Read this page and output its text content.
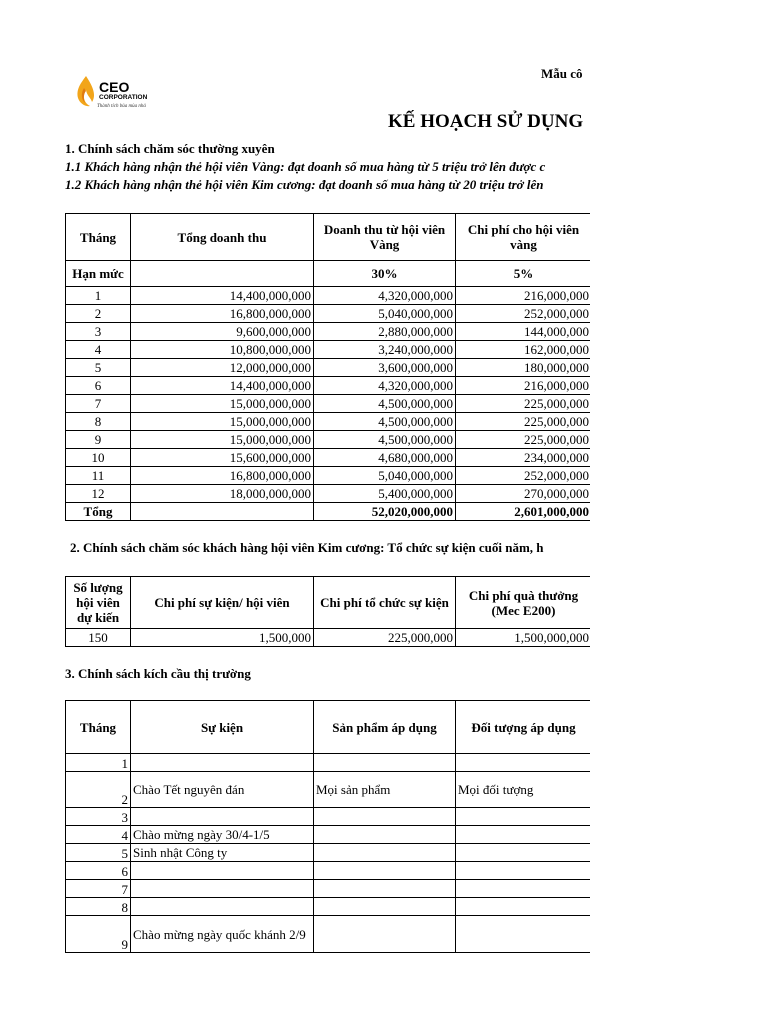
CEO
CORPORATION
Thành tích bủa mùa nhả
Mẫu cô
KẾ HOẠCH SỬ DỤNG
1. Chính sách chăm sóc thường xuyên
1.1 Khách hàng nhận thẻ hội viên Vàng: đạt doanh số mua hàng từ 5 triệu trở lên được c
1.2 Khách hàng nhận thẻ hội viên Kim cương: đạt doanh số mua hàng từ 20 triệu trở lên
Tháng	Tổng doanh thu	Doanh thu từ hội viên Vàng	Chi phí cho hội viên vàng
Hạn mức		30%	5%
1	14,400,000,000	4,320,000,000	216,000,000
2	16,800,000,000	5,040,000,000	252,000,000
3	9,600,000,000	2,880,000,000	144,000,000
4	10,800,000,000	3,240,000,000	162,000,000
5	12,000,000,000	3,600,000,000	180,000,000
6	14,400,000,000	4,320,000,000	216,000,000
7	15,000,000,000	4,500,000,000	225,000,000
8	15,000,000,000	4,500,000,000	225,000,000
9	15,000,000,000	4,500,000,000	225,000,000
10	15,600,000,000	4,680,000,000	234,000,000
11	16,800,000,000	5,040,000,000	252,000,000
12	18,000,000,000	5,400,000,000	270,000,000
Tổng		52,020,000,000	2,601,000,000
2. Chính sách chăm sóc khách hàng hội viên Kim cương: Tổ chức sự kiện cuối năm, h
Số lượng hội viên dự kiến	Chi phí sự kiện/ hội viên	Chi phí tổ chức sự kiện	Chi phí quà thưởng (Mec E200)
150	1,500,000	225,000,000	1,500,000,000
3. Chính sách kích cầu thị trường
Tháng	Sự kiện	Sản phẩm áp dụng	Đối tượng áp dụng
1			
2	Chào Tết nguyên đán	Mọi sản phẩm	Mọi đối tượng
3			
4	Chào mừng ngày 30/4-1/5		
5	Sinh nhật Công ty		
6			
7			
8			
9	Chào mừng ngày quốc khánh 2/9		
